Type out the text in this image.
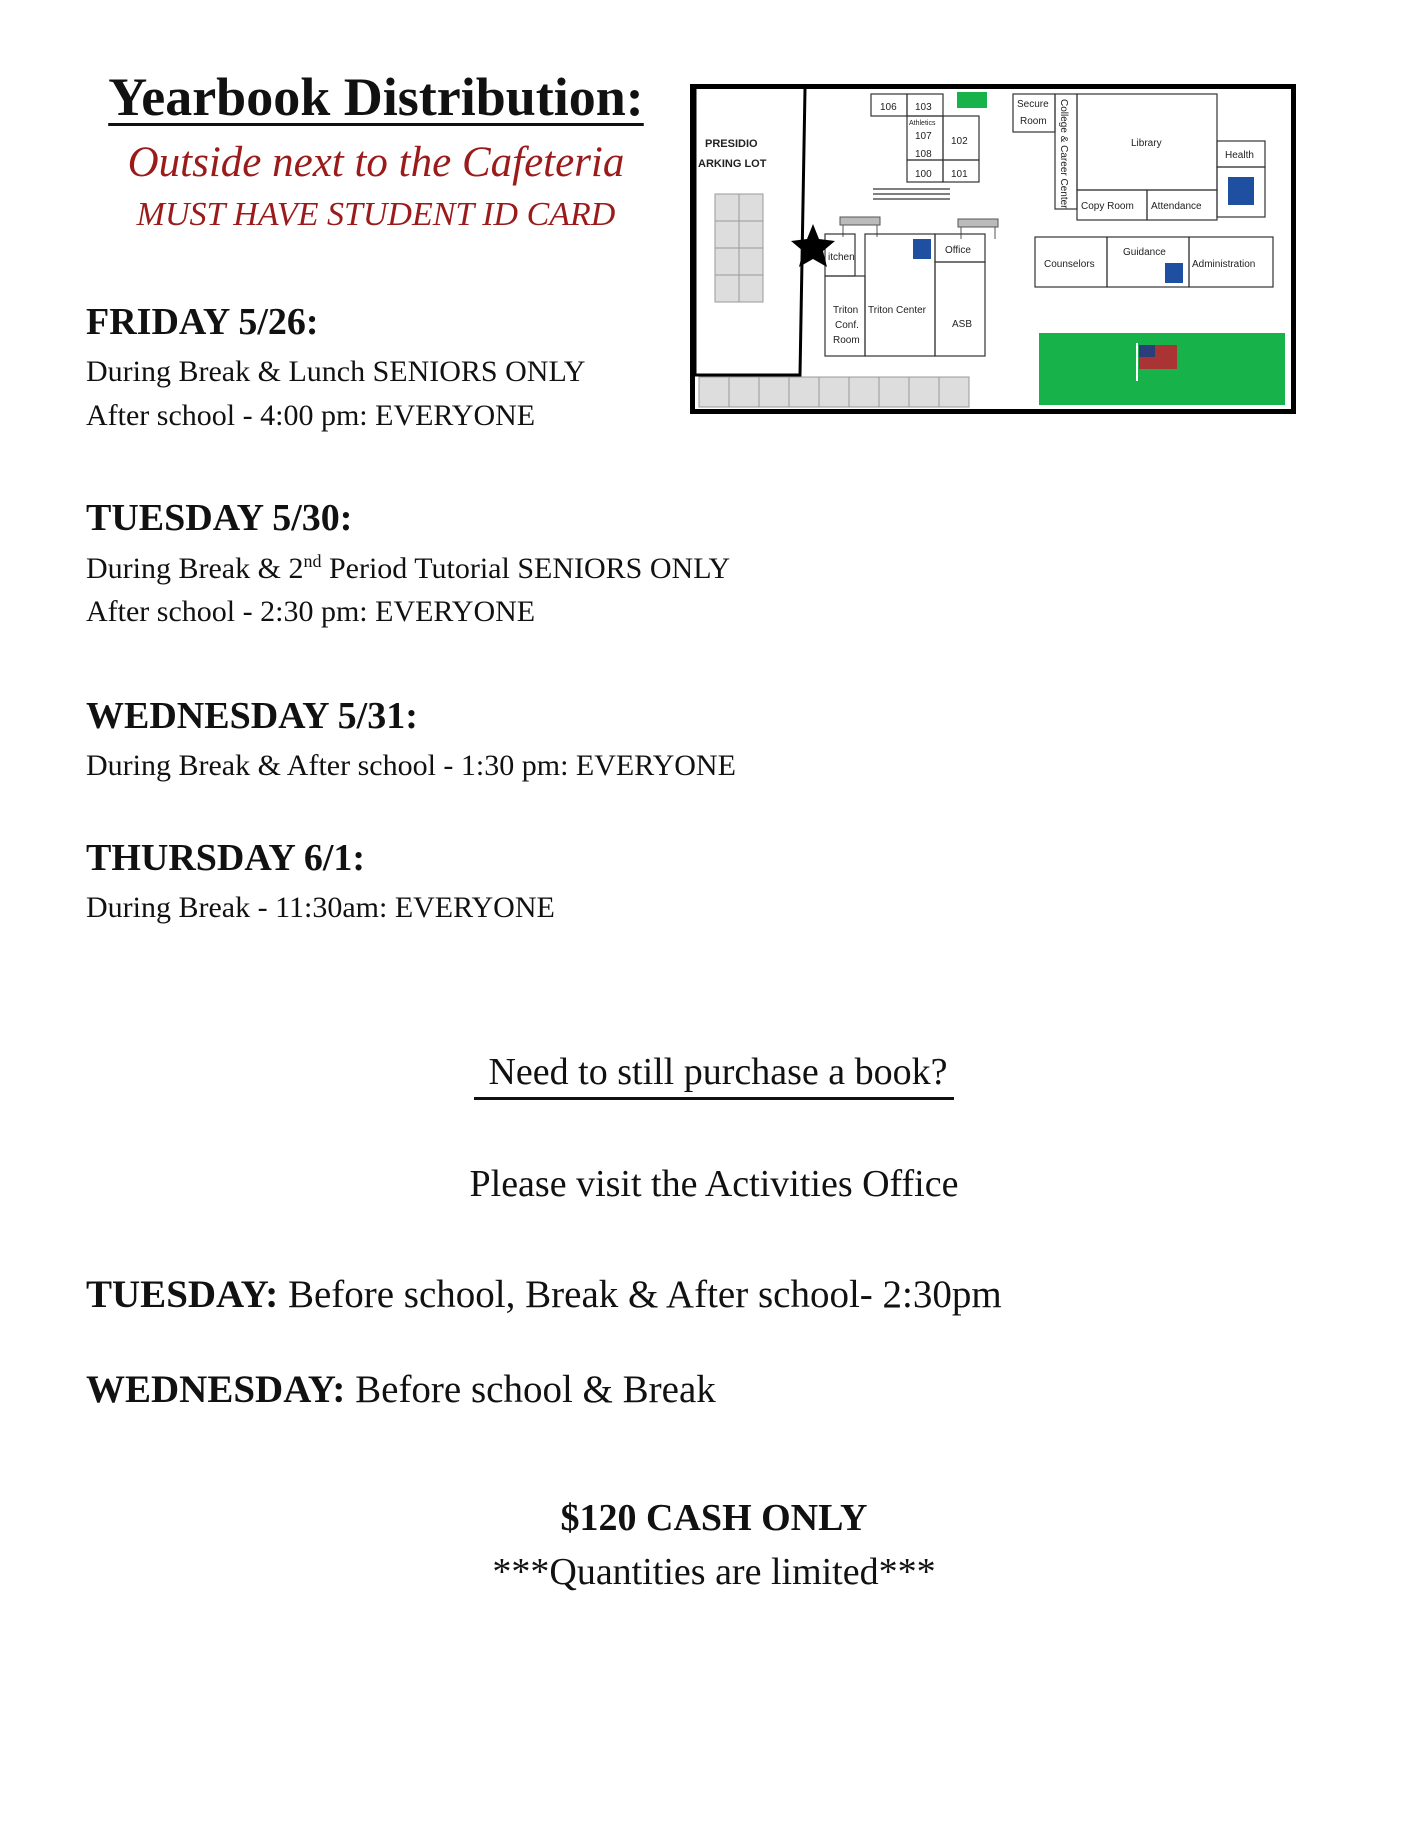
Yearbook Distribution:
Outside next to the Cafeteria
MUST HAVE STUDENT ID CARD
FRIDAY 5/26:
During Break & Lunch SENIORS ONLY
After school - 4:00 pm: EVERYONE
TUESDAY 5/30:
During Break & 2nd Period Tutorial SENIORS ONLY
After school - 2:30 pm: EVERYONE
WEDNESDAY 5/31:
During Break & After school - 1:30 pm: EVERYONE
THURSDAY 6/1:
During Break - 11:30am: EVERYONE
Need to still purchase a book?
Please visit the Activities Office
TUESDAY: Before school, Break & After school- 2:30pm
WEDNESDAY: Before school & Break
$120 CASH ONLY
***Quantities are limited***
PRESIDIO
ARKING LOT
106 103
Athletics
107 102
108
100 101
Secure
Room College & Career Center	Library
Copy Room Attendance
Health
itchen
Triton
Conf.
Room
Triton Center
Office
ASB
Counselors
Guidance
Administration
